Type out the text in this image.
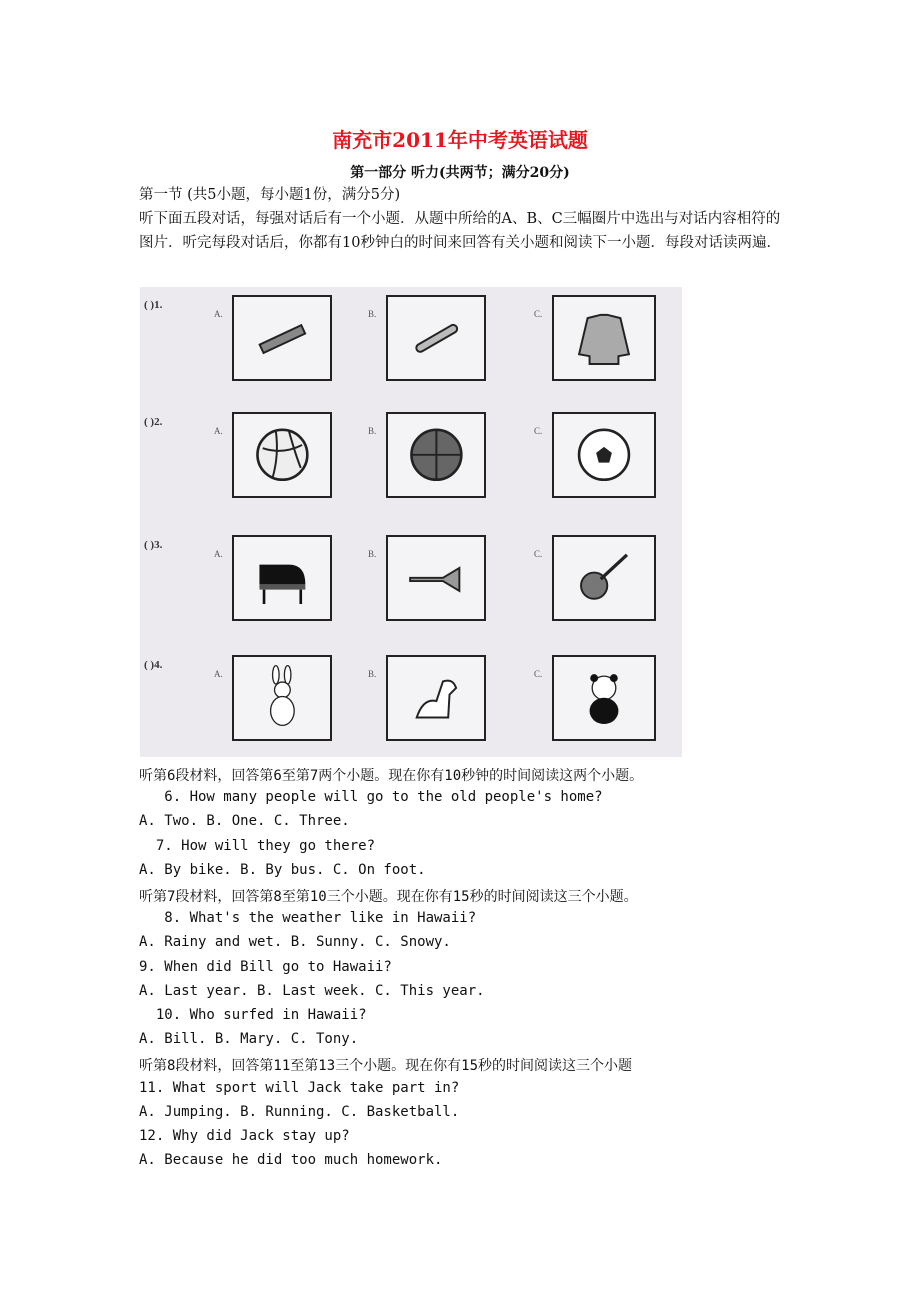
南充市2011年中考英语试题
第一部分 听力(共两节；满分20分)
第一节 (共5小题，每小题1份，满分5分)
听下面五段对话，每强对话后有一个小题．从题中所给的A、B、C三幅圈片中选出与对话内容相符的图片．听完每段对话后，你都有10秒钟白的时间来回答有关小题和阅读下一小题．每段对话读两遍．
( )1.
A.	B.	C.
( )2.
A.	B.	C.
( )3.
A.	B.	C.
( )4.
A.	B.	C.
听第6段材料，回答第6至第7两个小题。现在你有10秒钟的时间阅读这两个小题。
6. How many people will go to the old people's home?
A. Two. B. One. C. Three.
7. How will they go there?
A. By bike. B. By bus. C. On foot.
听第7段材料，回答第8至第10三个小题。现在你有15秒的时间阅读这三个小题。
8. What's the weather like in Hawaii?
A. Rainy and wet. B. Sunny. C. Snowy.
9. When did Bill go to Hawaii?
A. Last year. B. Last week. C. This year.
10. Who surfed in Hawaii?
A. Bill. B. Mary. C. Tony.
听第8段材料，回答第11至第13三个小题。现在你有15秒的时间阅读这三个小题
11. What sport will Jack take part in?
A. Jumping. B. Running. C. Basketball.
12. Why did Jack stay up?
A. Because he did too much homework.
